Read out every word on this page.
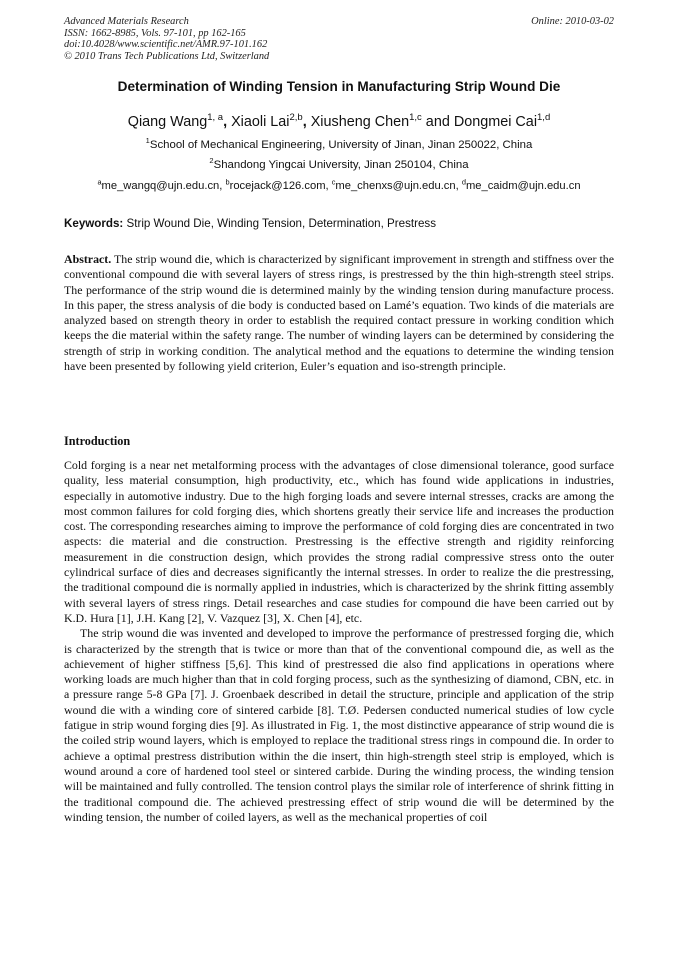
Advanced Materials Research
ISSN: 1662-8985, Vols. 97-101, pp 162-165
doi:10.4028/www.scientific.net/AMR.97-101.162
© 2010 Trans Tech Publications Ltd, Switzerland
Online: 2010-03-02
Determination of Winding Tension in Manufacturing Strip Wound Die
Qiang Wang$^{1, a}$, Xiaoli Lai$^{2,b}$, Xiusheng Chen$^{1,c}$ and Dongmei Cai$^{1,d}$
$^1$School of Mechanical Engineering, University of Jinan, Jinan 250022, China
$^2$Shandong Yingcai University, Jinan 250104, China
$^a$me_wangq@ujn.edu.cn, $^b$rocejack@126.com, $^c$me_chenxs@ujn.edu.cn, $^d$me_caidm@ujn.edu.cn
Keywords: Strip Wound Die, Winding Tension, Determination, Prestress
Abstract. The strip wound die, which is characterized by significant improvement in strength and stiffness over the conventional compound die with several layers of stress rings, is prestressed by the thin high-strength steel strips. The performance of the strip wound die is determined mainly by the winding tension during manufacture process. In this paper, the stress analysis of die body is conducted based on Lamé’s equation. Two kinds of die materials are analyzed based on strength theory in order to establish the required contact pressure in working condition which keeps the die material within the safety range. The number of winding layers can be determined by considering the strength of strip in working condition. The analytical method and the equations to determine the winding tension have been presented by following yield criterion, Euler’s equation and iso-strength principle.
Introduction

Cold forging is a near net metalforming process with the advantages of close dimensional tolerance, good surface quality, less material consumption, high productivity, etc., which has found wide applications in industries, especially in automotive industry. Due to the high forging loads and severe internal stresses, cracks are among the most common failures for cold forging dies, which shortens greatly their service life and increases the production cost. The corresponding researches aiming to improve the performance of cold forging dies are concentrated in two aspects: die material and die construction. Prestressing is the effective strength and rigidity reinforcing measurement in die construction design, which provides the strong radial compressive stress onto the outer cylindrical surface of dies and decreases significantly the internal stresses. In order to realize the die prestressing, the traditional compound die is normally applied in industries, which is characterized by the shrink fitting assembly with several layers of stress rings. Detail researches and case studies for compound die have been carried out by K.D. Hura [1], J.H. Kang [2], V. Vazquez [3], X. Chen [4], etc.

The strip wound die was invented and developed to improve the performance of prestressed forging die, which is characterized by the strength that is twice or more than that of the conventional compound die, as well as the achievement of higher stiffness [5,6]. This kind of prestressed die also find applications in operations where working loads are much higher than that in cold forging process, such as the synthesizing of diamond, CBN, etc. in a pressure range 5-8 GPa [7]. J. Groenbaek described in detail the structure, principle and application of the strip wound die with a winding core of sintered carbide [8]. T.Ø. Pedersen conducted numerical studies of low cycle fatigue in strip wound forging dies [9]. As illustrated in Fig. 1, the most distinctive appearance of strip wound die is the coiled strip wound layers, which is employed to replace the traditional stress rings in compound die. In order to achieve a optimal prestress distribution within the die insert, thin high-strength steel strip is employed, which is wound around a core of hardened tool steel or sintered carbide. During the winding process, the winding tension will be maintained and fully controlled. The tension control plays the similar role of interference of shrink fitting in the traditional compound die. The achieved prestressing effect of strip wound die will be determined by the winding tension, the number of coiled layers, as well as the mechanical properties of coil
